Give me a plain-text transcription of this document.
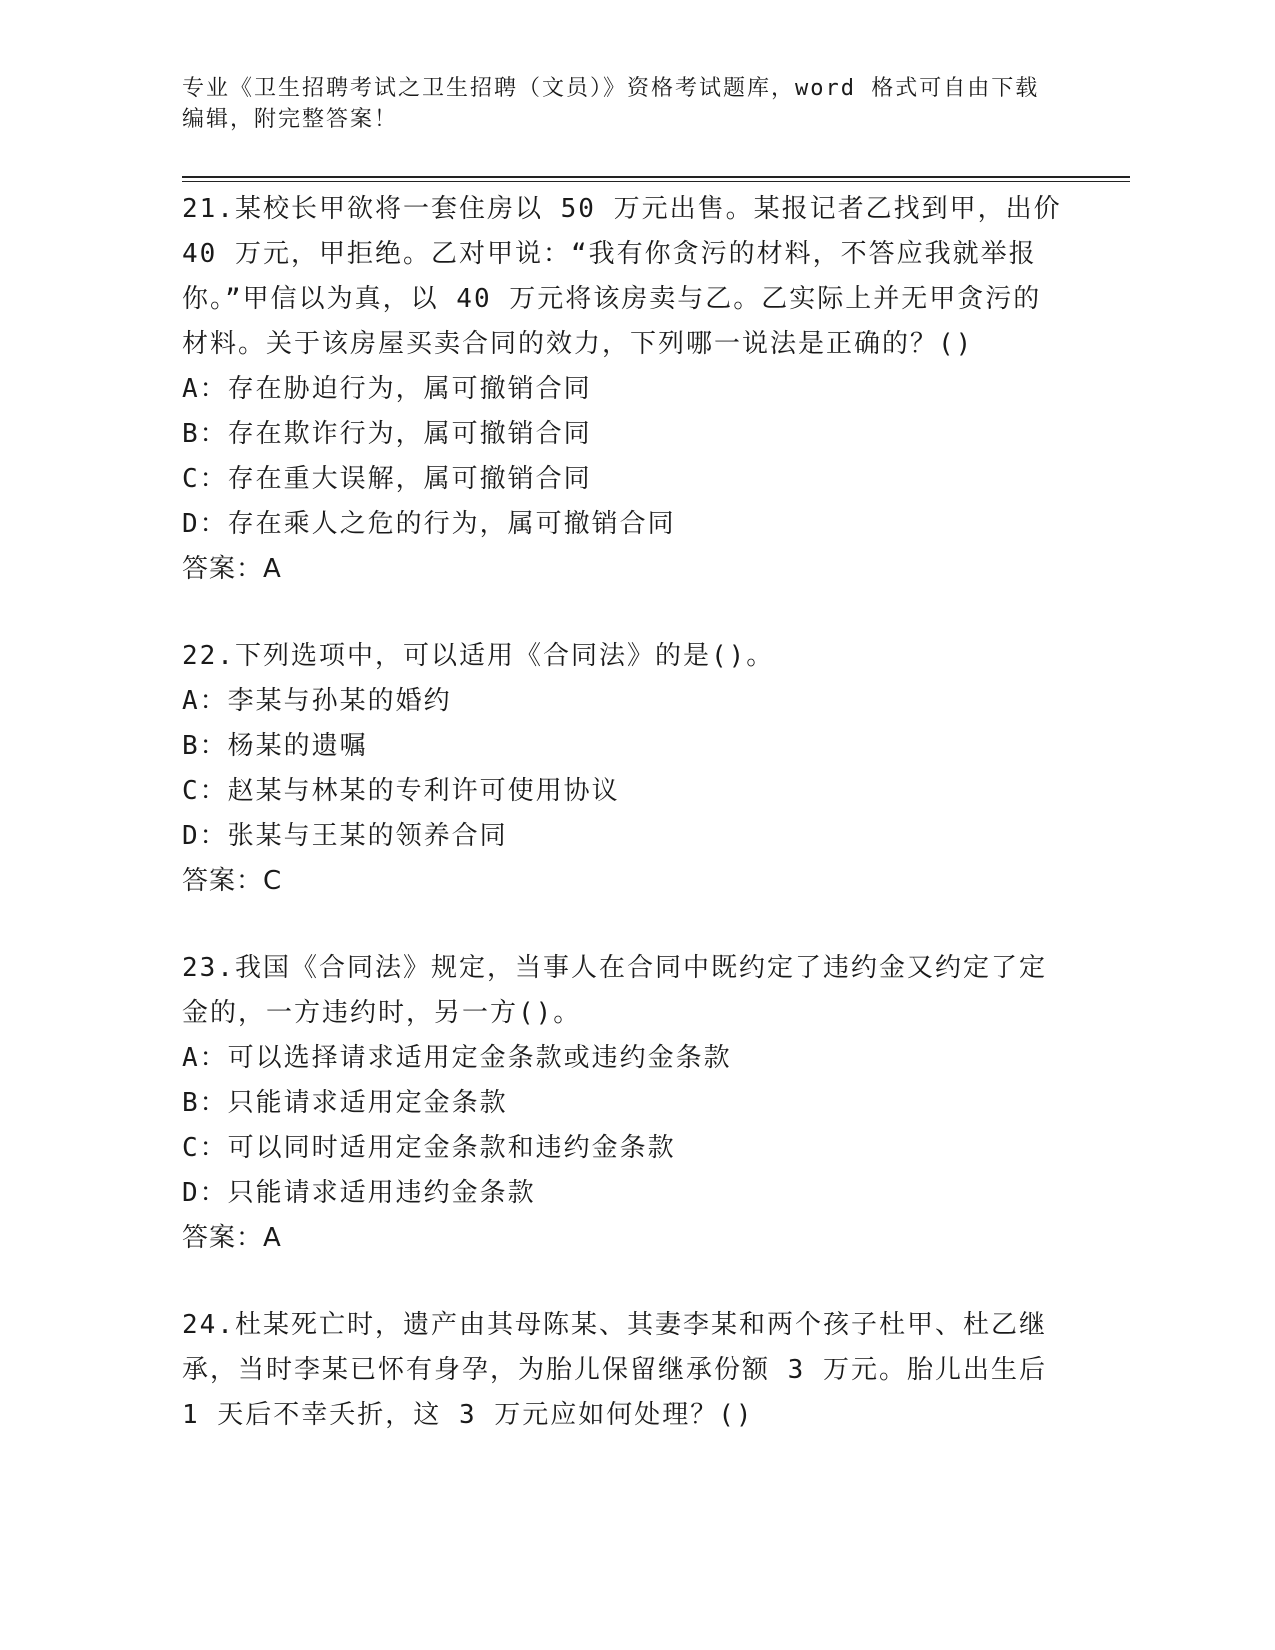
专业《卫生招聘考试之卫生招聘（文员）》资格考试题库，word 格式可自由下载
编辑，附完整答案！
21.某校长甲欲将一套住房以 50 万元出售。某报记者乙找到甲，出价
40 万元，甲拒绝。乙对甲说：“我有你贪污的材料，不答应我就举报
你。”甲信以为真，以 40 万元将该房卖与乙。乙实际上并无甲贪污的
材料。关于该房屋买卖合同的效力，下列哪一说法是正确的？()
A：存在胁迫行为，属可撤销合同
B：存在欺诈行为，属可撤销合同
C：存在重大误解，属可撤销合同
D：存在乘人之危的行为，属可撤销合同
答案：A
22.下列选项中，可以适用《合同法》的是()。
A：李某与孙某的婚约
B：杨某的遗嘱
C：赵某与林某的专利许可使用协议
D：张某与王某的领养合同
答案：C
23.我国《合同法》规定，当事人在合同中既约定了违约金又约定了定
金的，一方违约时，另一方()。
A：可以选择请求适用定金条款或违约金条款
B：只能请求适用定金条款
C：可以同时适用定金条款和违约金条款
D：只能请求适用违约金条款
答案：A
24.杜某死亡时，遗产由其母陈某、其妻李某和两个孩子杜甲、杜乙继
承，当时李某已怀有身孕，为胎儿保留继承份额 3 万元。胎儿出生后
1 天后不幸夭折，这 3 万元应如何处理？()
